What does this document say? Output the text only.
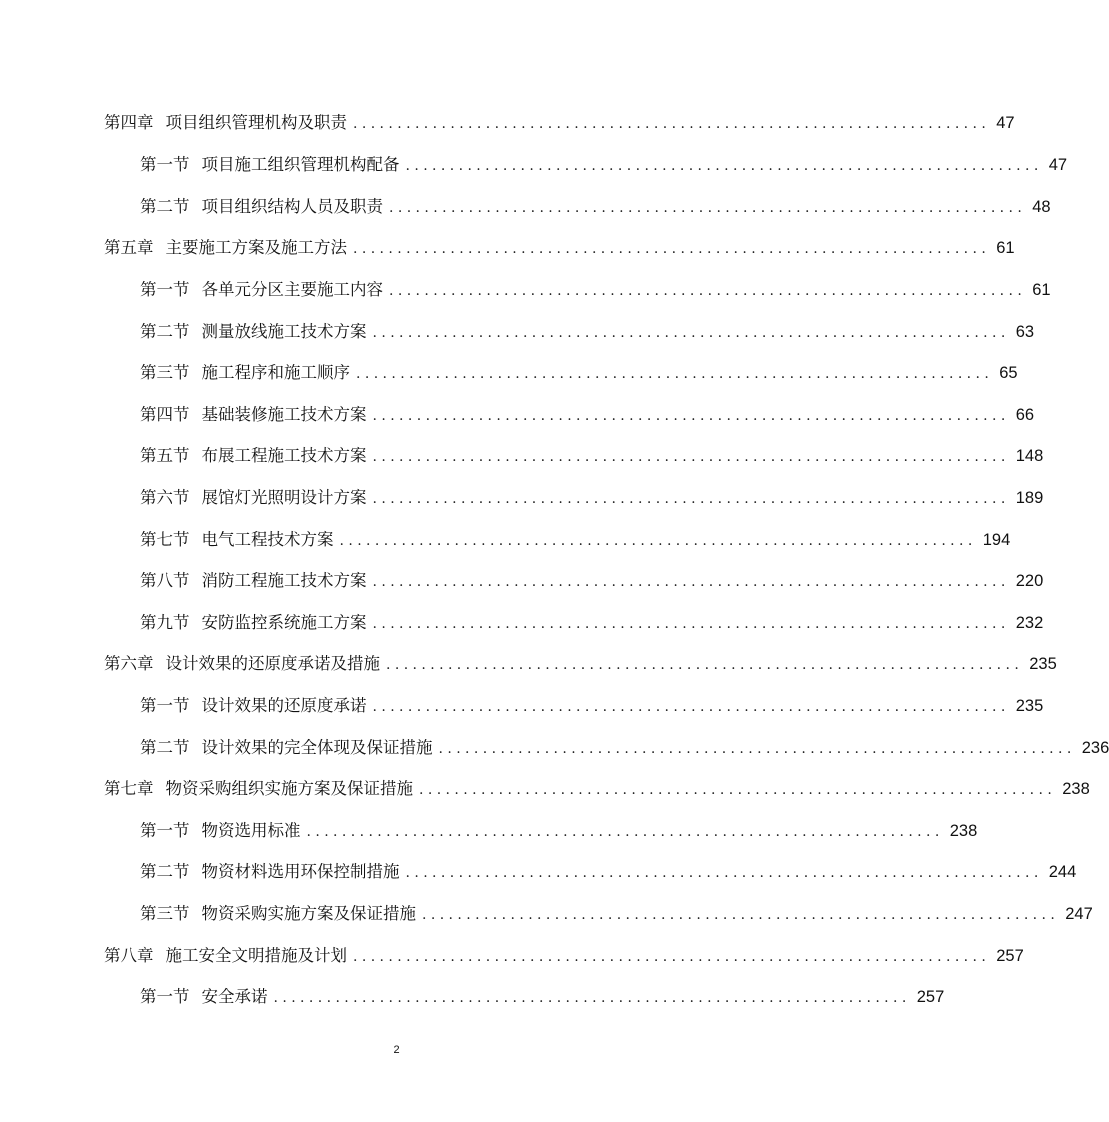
第四章 项目组织管理机构及职责 ........................................................................ 47
第一节 项目施工组织管理机构配备 ........................................................................ 47
第二节 项目组织结构人员及职责 ........................................................................ 48
第五章 主要施工方案及施工方法 ........................................................................ 61
第一节 各单元分区主要施工内容 ........................................................................ 61
第二节 测量放线施工技术方案 ........................................................................ 63
第三节 施工程序和施工顺序 ........................................................................ 65
第四节 基础装修施工技术方案 ........................................................................ 66
第五节 布展工程施工技术方案 ........................................................................ 148
第六节 展馆灯光照明设计方案 ........................................................................ 189
第七节 电气工程技术方案 ........................................................................ 194
第八节 消防工程施工技术方案 ........................................................................ 220
第九节 安防监控系统施工方案 ........................................................................ 232
第六章 设计效果的还原度承诺及措施 ........................................................................ 235
第一节 设计效果的还原度承诺 ........................................................................ 235
第二节 设计效果的完全体现及保证措施 ........................................................................ 236
第七章 物资采购组织实施方案及保证措施 ........................................................................ 238
第一节 物资选用标准 ........................................................................ 238
第二节 物资材料选用环保控制措施 ........................................................................ 244
第三节 物资采购实施方案及保证措施 ........................................................................ 247
第八章 施工安全文明措施及计划 ........................................................................ 257
第一节 安全承诺 ........................................................................ 257
2
